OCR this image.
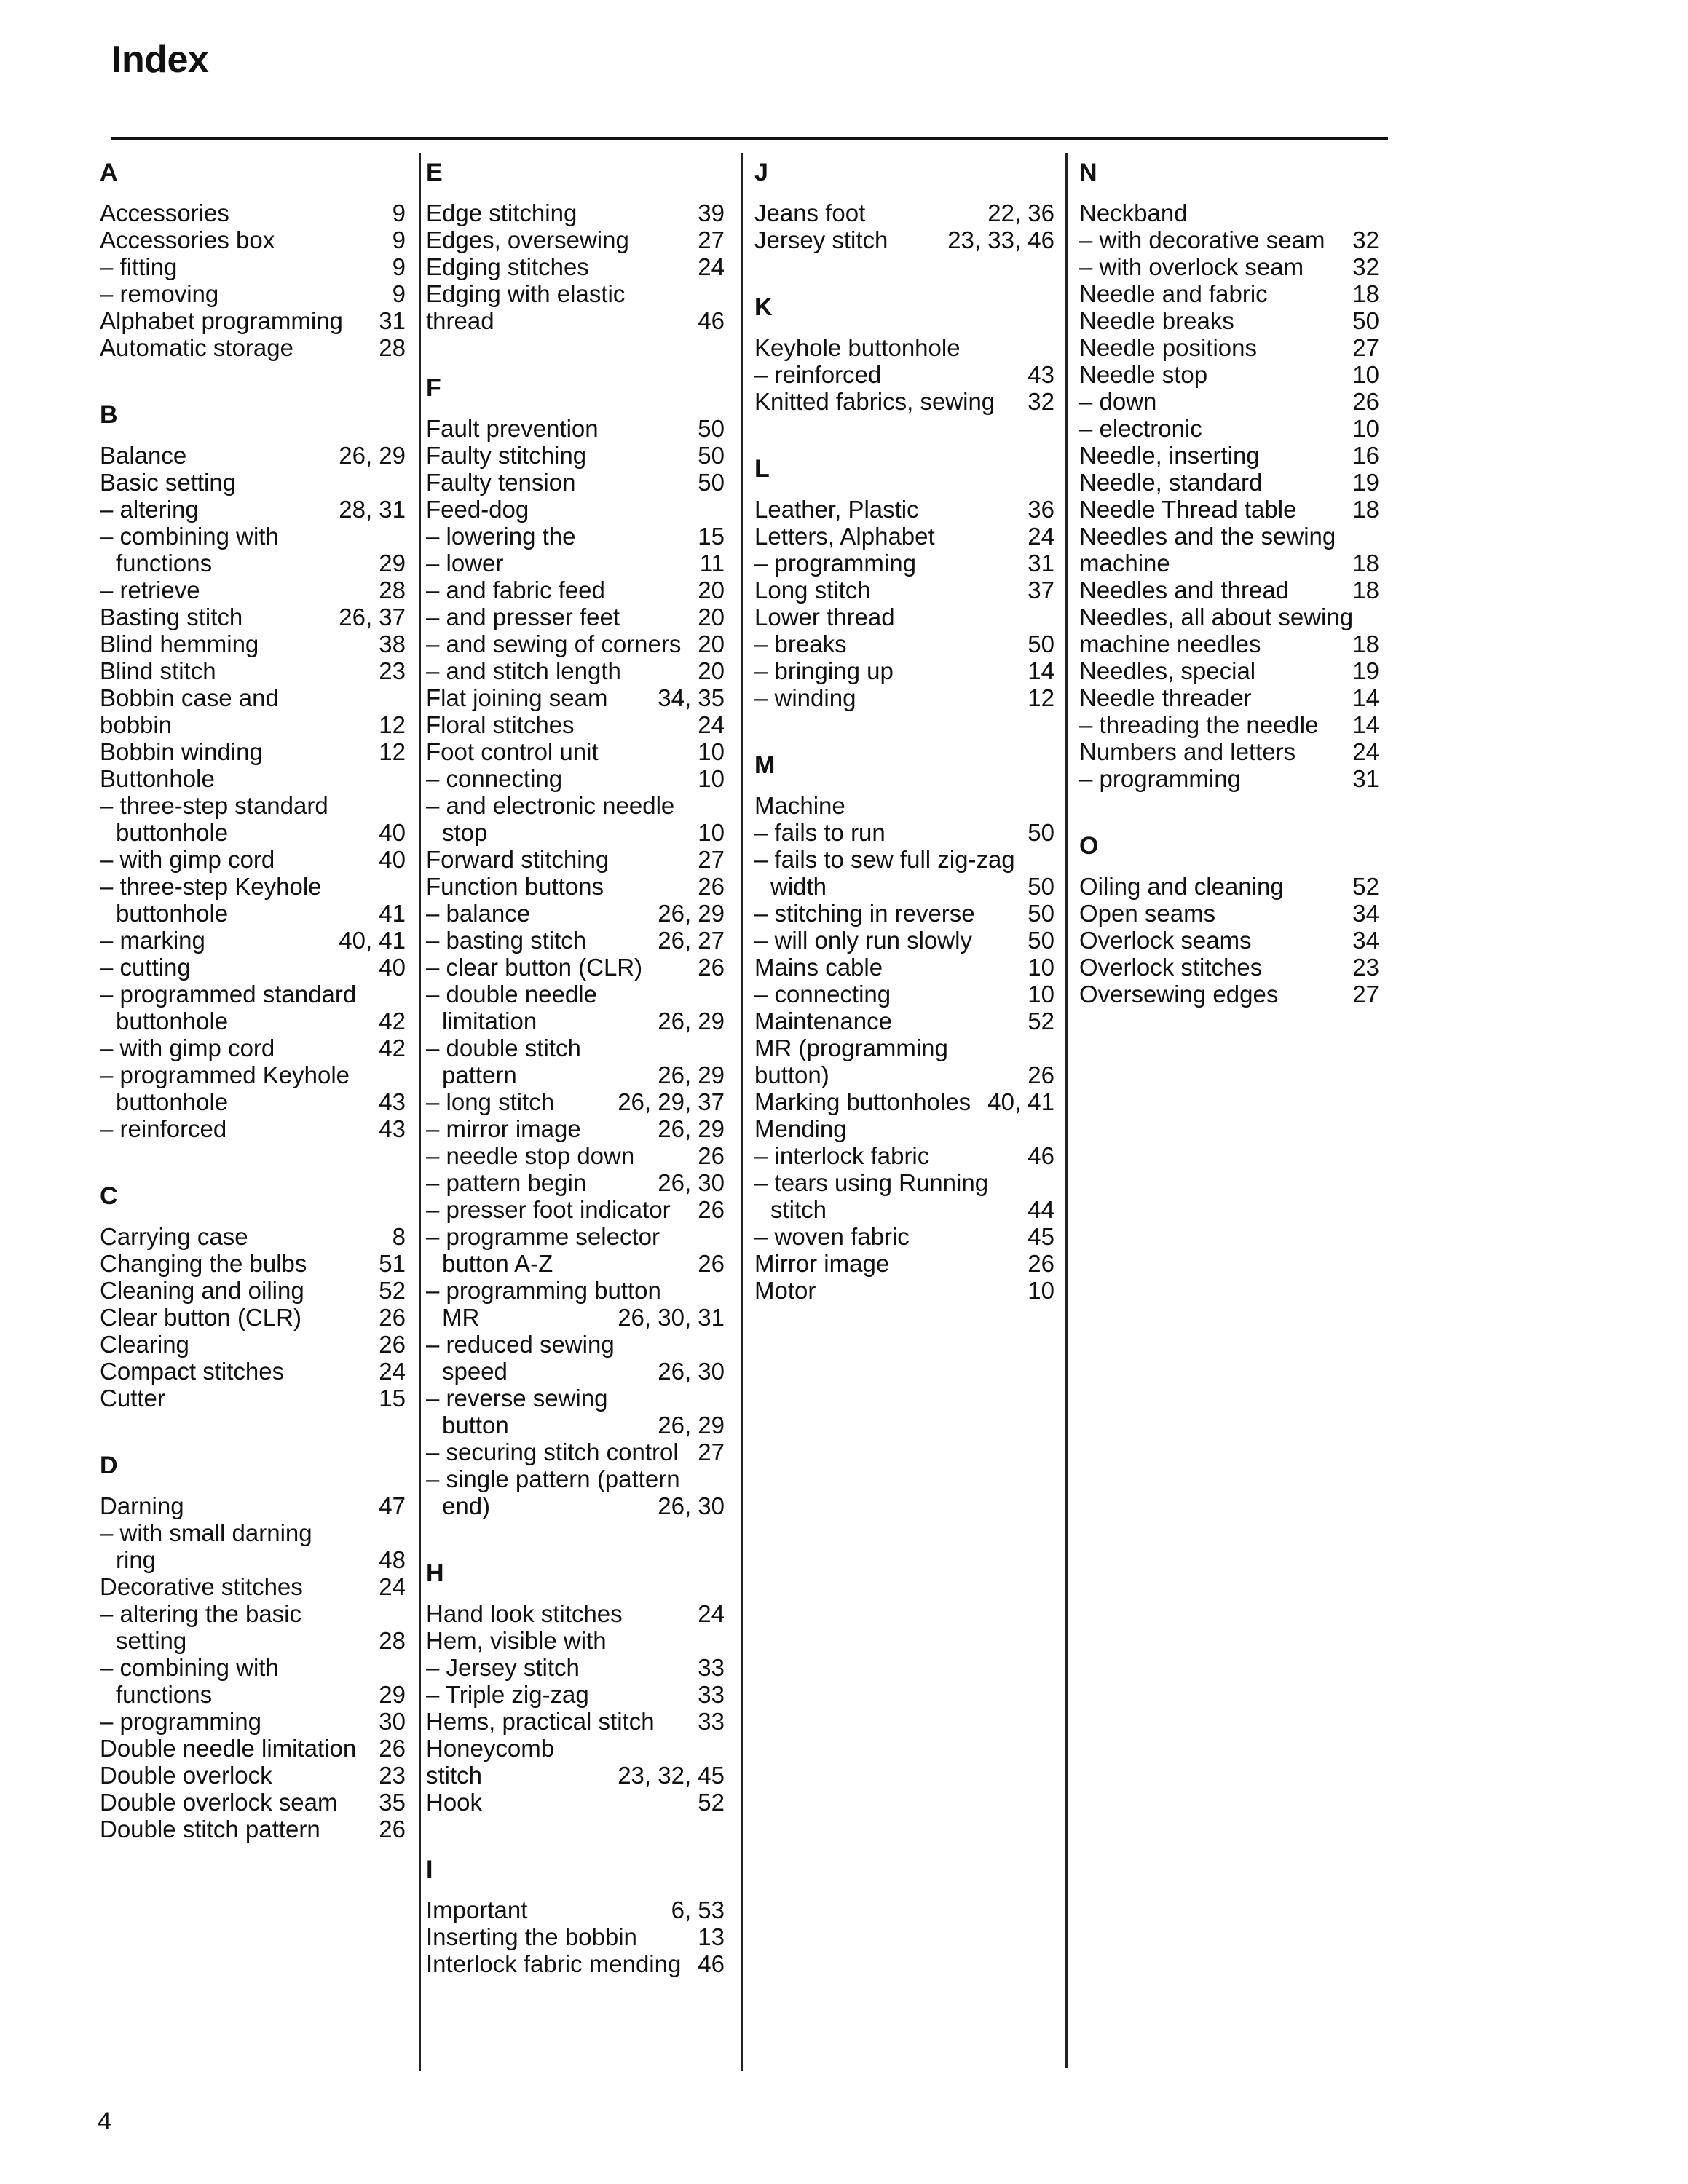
Index
A
Accessories	9
Accessories box	9
– fitting	9
– removing	9
Alphabet programming	31
Automatic storage	28
B
Balance	26, 29
Basic setting
– altering	28, 31
– combining with
functions	29
– retrieve	28
Basting stitch	26, 37
Blind hemming	38
Blind stitch	23
Bobbin case and
bobbin	12
Bobbin winding	12
Buttonhole
– three-step standard
buttonhole	40
– with gimp cord	40
– three-step Keyhole
buttonhole	41
– marking	40, 41
– cutting	40
– programmed standard
buttonhole	42
– with gimp cord	42
– programmed Keyhole
buttonhole	43
– reinforced	43
C
Carrying case	8
Changing the bulbs	51
Cleaning and oiling	52
Clear button (CLR)	26
Clearing	26
Compact stitches	24
Cutter	15
D
Darning	47
– with small darning
ring	48
Decorative stitches	24
– altering the basic
setting	28
– combining with
functions	29
– programming	30
Double needle limitation 26
Double overlock	23
Double overlock seam	35
Double stitch pattern	26
E
Edge stitching	39
Edges, oversewing	27
Edging stitches	24
Edging with elastic
thread	46
F
Fault prevention	50
Faulty stitching	50
Faulty tension	50
Feed-dog
– lowering the	15
– lower	11
– and fabric feed	20
– and presser feet	20
– and sewing of corners 20
– and stitch length	20
Flat joining seam	34, 35
Floral stitches	24
Foot control unit	10
– connecting	10
– and electronic needle
stop	10
Forward stitching	27
Function buttons	26
– balance	26, 29
– basting stitch	26, 27
– clear button (CLR)	26
– double needle
limitation	26, 29
– double stitch
pattern	26, 29
– long stitch	26, 29, 37
– mirror image	26, 29
– needle stop down	26
– pattern begin	26, 30
– presser foot indicator	26
– programme selector
button A-Z	26
– programming button
MR	26, 30, 31
– reduced sewing
speed	26, 30
– reverse sewing
button	26, 29
– securing stitch control 27
– single pattern (pattern
end)	26, 30
H
Hand look stitches	24
Hem, visible with
– Jersey stitch	33
– Triple zig-zag	33
Hems, practical stitch	33
Honeycomb
stitch	23, 32, 45
Hook	52
I
Important	6, 53
Inserting the bobbin	13
Interlock fabric mending 46
J
Jeans foot	22, 36
Jersey stitch	23, 33, 46
K
Keyhole buttonhole
– reinforced	43
Knitted fabrics, sewing	32
L
Leather, Plastic	36
Letters, Alphabet	24
– programming	31
Long stitch	37
Lower thread
– breaks	50
– bringing up	14
– winding	12
M
Machine
– fails to run	50
– fails to sew full zig-zag
width	50
– stitching in reverse	50
– will only run slowly	50
Mains cable	10
– connecting	10
Maintenance	52
MR (programming
button)	26
Marking buttonholes 40, 41
Mending
– interlock fabric	46
– tears using Running
stitch	44
– woven fabric	45
Mirror image	26
Motor	10
N
Neckband
– with decorative seam	32
– with overlock seam	32
Needle and fabric	18
Needle breaks	50
Needle positions	27
Needle stop	10
– down	26
– electronic	10
Needle, inserting	16
Needle, standard	19
Needle Thread table	18
Needles and the sewing
machine	18
Needles and thread	18
Needles, all about sewing
machine needles	18
Needles, special	19
Needle threader	14
– threading the needle	14
Numbers and letters	24
– programming	31
O
Oiling and cleaning	52
Open seams	34
Overlock seams	34
Overlock stitches	23
Oversewing edges	27
4
